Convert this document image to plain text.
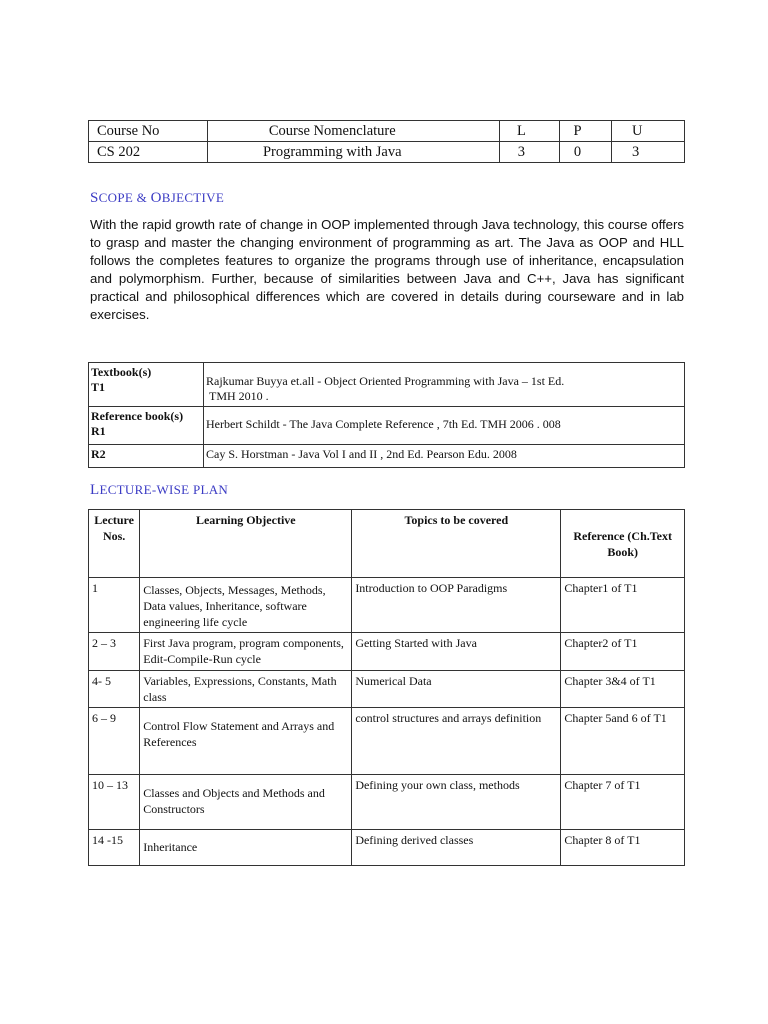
Course No	Course Nomenclature	L	P	U
CS 202	Programming with Java	3	0	3
SCOPE & OBJECTIVE
With the rapid growth rate of change in OOP implemented through Java technology, this course offers to grasp and master the changing environment of programming as art. The Java as OOP and HLL follows the completes features to organize the programs through use of inheritance, encapsulation and polymorphism. Further, because of similarities between Java and C++, Java has significant practical and philosophical differences which are covered in details during courseware and in lab exercises.
Textbook(s)
T1	Rajkumar Buyya et.all - Object Oriented Programming with Java – 1st Ed.
TMH 2010 .

Reference book(s)
R1	Herbert Schildt - The Java Complete Reference , 7th Ed. TMH 2006 . 008

R2	Cay S. Horstman - Java Vol I and II , 2nd Ed. Pearson Edu. 2008
LECTURE-WISE PLAN
Lecture Nos.	Learning Objective	Topics to be covered	Reference (Ch.Text Book)
1	Classes, Objects, Messages, Methods, Data values, Inheritance, software engineering life cycle	Introduction to OOP Paradigms	Chapter1 of T1
2 – 3	First Java program, program components, Edit-Compile-Run cycle	Getting Started with Java	Chapter2 of T1
4- 5	Variables, Expressions, Constants, Math class	Numerical Data	Chapter 3&4 of T1
6 – 9	Control Flow Statement and Arrays and References	control structures and arrays definition	Chapter 5and 6 of T1
10 – 13	Classes and Objects and Methods and Constructors	Defining your own class, methods	Chapter 7 of T1
14 -15	Inheritance	Defining derived classes	Chapter 8 of T1
